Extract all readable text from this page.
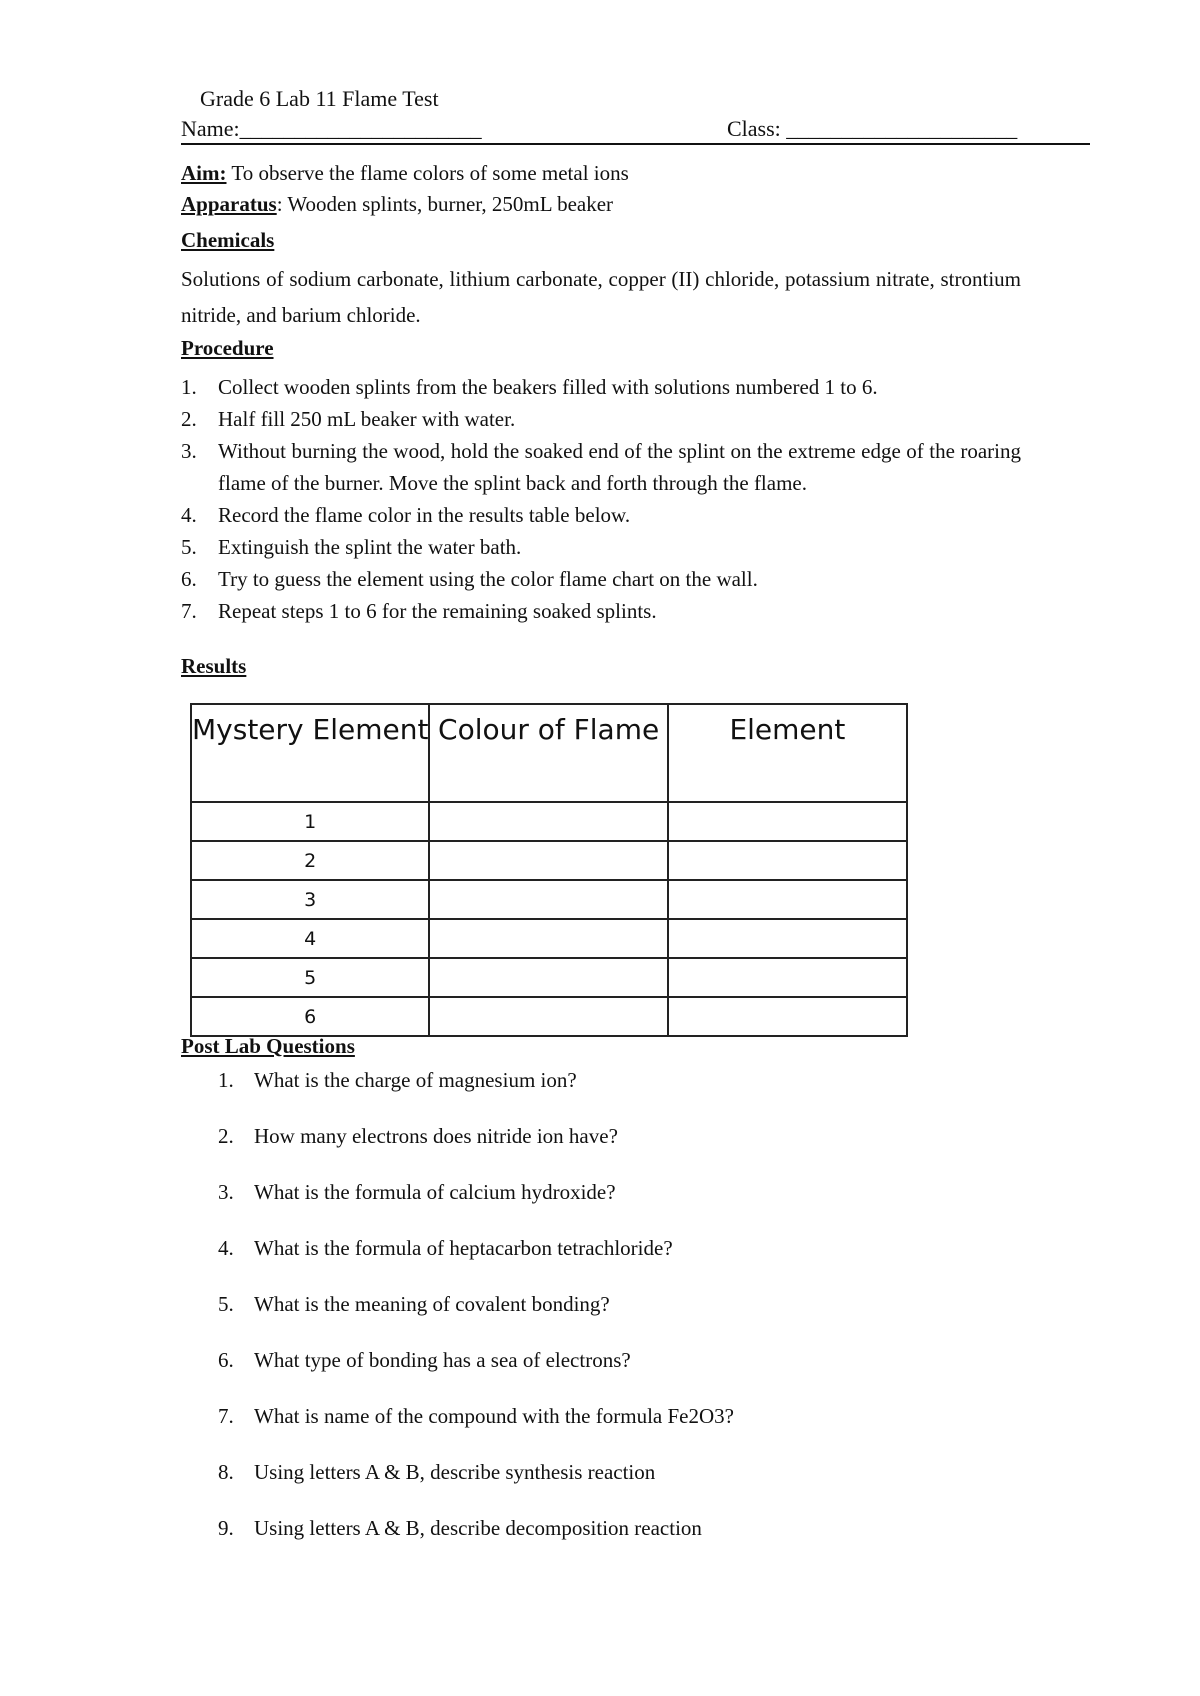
Grade 6 Lab 11 Flame Test
Name:______________________	Class: _____________________
Aim: To observe the flame colors of some metal ions
Apparatus: Wooden splints, burner, 250mL beaker
Chemicals
Solutions of sodium carbonate, lithium carbonate, copper (II) chloride, potassium nitrate, strontium nitride, and barium chloride.
Procedure
1. Collect wooden splints from the beakers filled with solutions numbered 1 to 6.
2. Half fill 250 mL beaker with water.
3. Without burning the wood, hold the soaked end of the splint on the extreme edge of the roaring flame of the burner. Move the splint back and forth through the flame.
4. Record the flame color in the results table below.
5. Extinguish the splint the water bath.
6. Try to guess the element using the color flame chart on the wall.
7. Repeat steps 1 to 6 for the remaining soaked splints.
Results
Mystery Element	Colour of Flame	Element
1		
2		
3		
4		
5		
6		
Post Lab Questions
1. What is the charge of magnesium ion?
2. How many electrons does nitride ion have?
3. What is the formula of calcium hydroxide?
4. What is the formula of heptacarbon tetrachloride?
5. What is the meaning of covalent bonding?
6. What type of bonding has a sea of electrons?
7. What is name of the compound with the formula Fe2O3?
8. Using letters A & B, describe synthesis reaction
9. Using letters A & B, describe decomposition reaction
